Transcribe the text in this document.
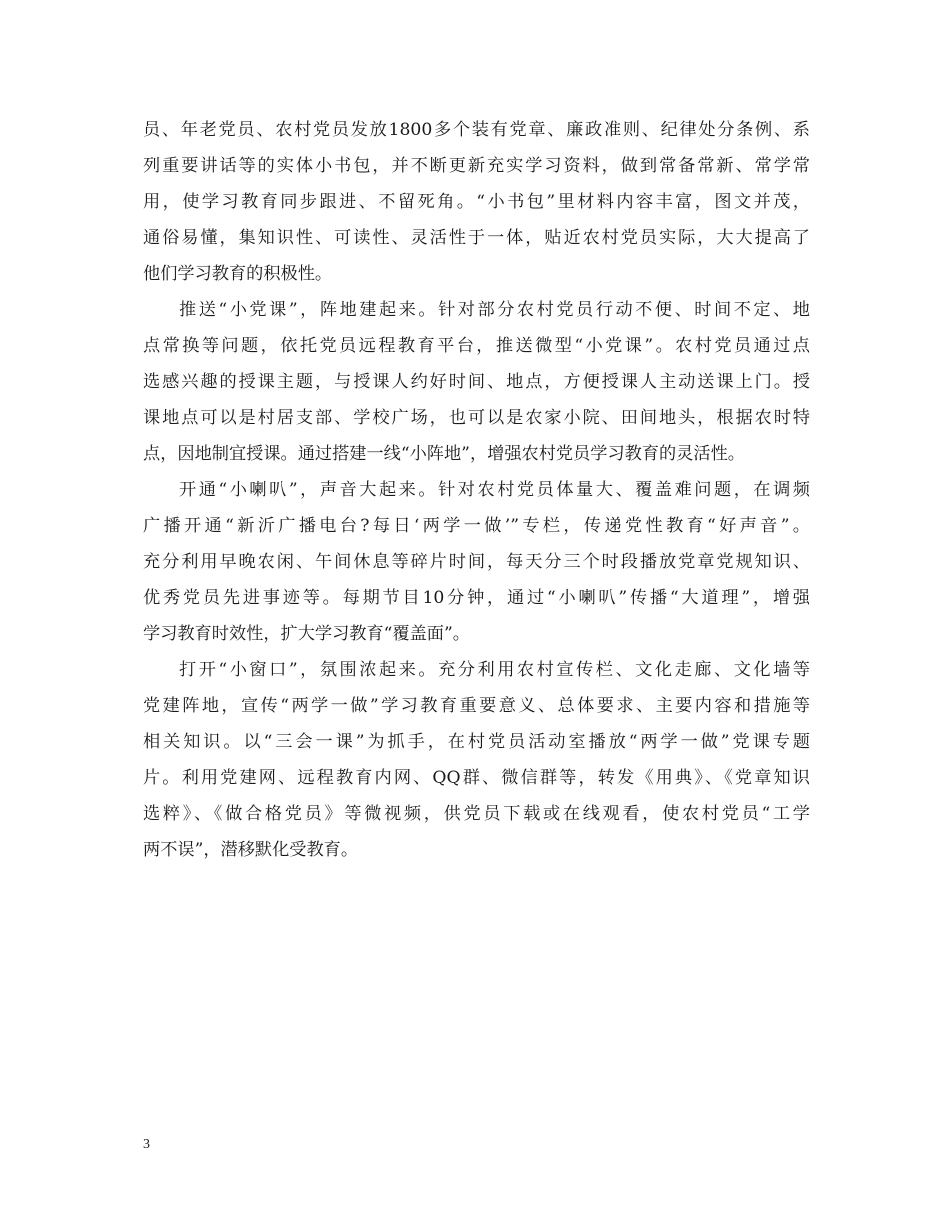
员、年老党员、农村党员发放1800多个装有党章、廉政准则、纪律处分条例、系
列重要讲话等的实体小书包，并不断更新充实学习资料，做到常备常新、常学常
用，使学习教育同步跟进、不留死角。“小书包”里材料内容丰富，图文并茂，
通俗易懂，集知识性、可读性、灵活性于一体，贴近农村党员实际，大大提高了
他们学习教育的积极性。
推送“小党课”，阵地建起来。针对部分农村党员行动不便、时间不定、地
点常换等问题，依托党员远程教育平台，推送微型“小党课”。农村党员通过点
选感兴趣的授课主题，与授课人约好时间、地点，方便授课人主动送课上门。授
课地点可以是村居支部、学校广场，也可以是农家小院、田间地头，根据农时特
点，因地制宜授课。通过搭建一线“小阵地”，增强农村党员学习教育的灵活性。
开通“小喇叭”，声音大起来。针对农村党员体量大、覆盖难问题，在调频
广播开通“新沂广播电台?每日‘两学一做’”专栏，传递党性教育“好声音”。
充分利用早晚农闲、午间休息等碎片时间，每天分三个时段播放党章党规知识、
优秀党员先进事迹等。每期节目10分钟，通过“小喇叭”传播“大道理”，增强
学习教育时效性，扩大学习教育“覆盖面”。
打开“小窗口”，氛围浓起来。充分利用农村宣传栏、文化走廊、文化墙等
党建阵地，宣传“两学一做”学习教育重要意义、总体要求、主要内容和措施等
相关知识。以“三会一课”为抓手，在村党员活动室播放“两学一做”党课专题
片。利用党建网、远程教育内网、QQ群、微信群等，转发《用典》、《党章知识
选粹》、《做合格党员》等微视频，供党员下载或在线观看，使农村党员“工学
两不误”，潜移默化受教育。
3
